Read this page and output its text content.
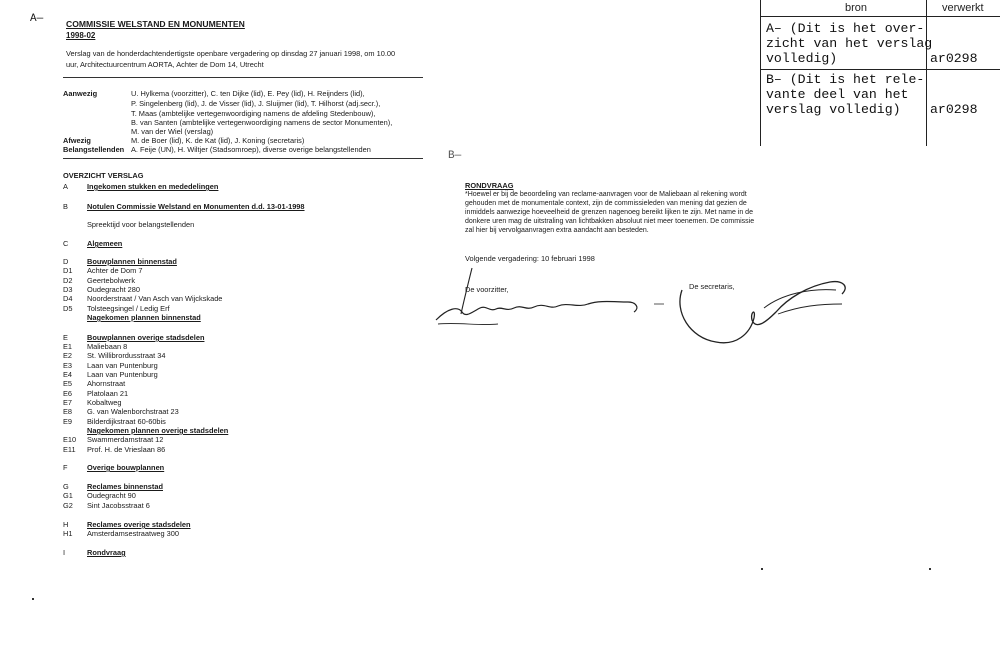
A—
B—
bron	verwerkt
A– (Dit is het over-
zicht van het verslag
volledig)	ar0298
B– (Dit is het rele-
vante deel van het
verslag volledig) ar0298
COMMISSIE WELSTAND EN MONUMENTEN
1998-02
Verslag van de honderdachtendertigste openbare vergadering op dinsdag 27 januari 1998, om 10.00
uur, Architectuurcentrum AORTA, Achter de Dom 14, Utrecht
Aanwezig	U. Hylkema (voorzitter), C. ten Dijke (lid), E. Pey (lid), H. Reijnders (lid),
P. Singelenberg (lid), J. de Visser (lid), J. Sluijmer (lid), T. Hilhorst (adj.secr.),
T. Maas (ambtelijke vertegenwoordiging namens de afdeling Stedenbouw),
B. van Santen (ambtelijke vertegenwoordiging namens de sector Monumenten),
M. van der Wiel (verslag)
Afwezig	M. de Boer (lid), K. de Kat (lid), J. Koning (secretaris)
Belangstellenden A. Feije (UN), H. Wiltjer (Stadsomroep), diverse overige belangstellenden
OVERZICHT VERSLAG
A	Ingekomen stukken en mededelingen
B	Notulen Commissie Welstand en Monumenten d.d. 13-01-1998
Spreektijd voor belangstellenden
C	Algemeen
D	Bouwplannen binnenstad
D1	Achter de Dom 7
D2	Geertebolwerk
D3	Oudegracht 280
D4	Noorderstraat / Van Asch van Wijckskade
D5	Tolsteegsingel / Ledig Erf
Nagekomen plannen binnenstad
E	Bouwplannen overige stadsdelen
E1	Maliebaan 8
E2	St. Willibrordusstraat 34
E3	Laan van Puntenburg
E4	Laan van Puntenburg
E5	Ahornstraat
E6	Platolaan 21
E7	Kobaltweg
E8	G. van Walenborchstraat 23
E9	Bilderdijkstraat 60-60bis
Nagekomen plannen overige stadsdelen
E10	Swammerdamstraat 12
E11	Prof. H. de Vrieslaan 86
F	Overige bouwplannen
G	Reclames binnenstad
G1	Oudegracht 90
G2	Sint Jacobsstraat 6
H	Reclames overige stadsdelen
H1	Amsterdamsestraatweg 300
I	Rondvraag
RONDVRAAG
*Hoewel er bij de beoordeling van reclame-aanvragen voor de Maliebaan al rekening wordt
gehouden met de monumentale context, zijn de commissieleden van mening dat gezien de
inmiddels aanwezige hoeveelheid de grenzen nagenoeg bereikt lijken te zijn. Met name in de
donkere uren mag de uitstraling van lichtbakken absoluut niet meer toenemen. De commissie
zal hier bij vervolgaanvragen extra aandacht aan besteden.
Volgende vergadering: 10 februari 1998
De voorzitter,	De secretaris,
